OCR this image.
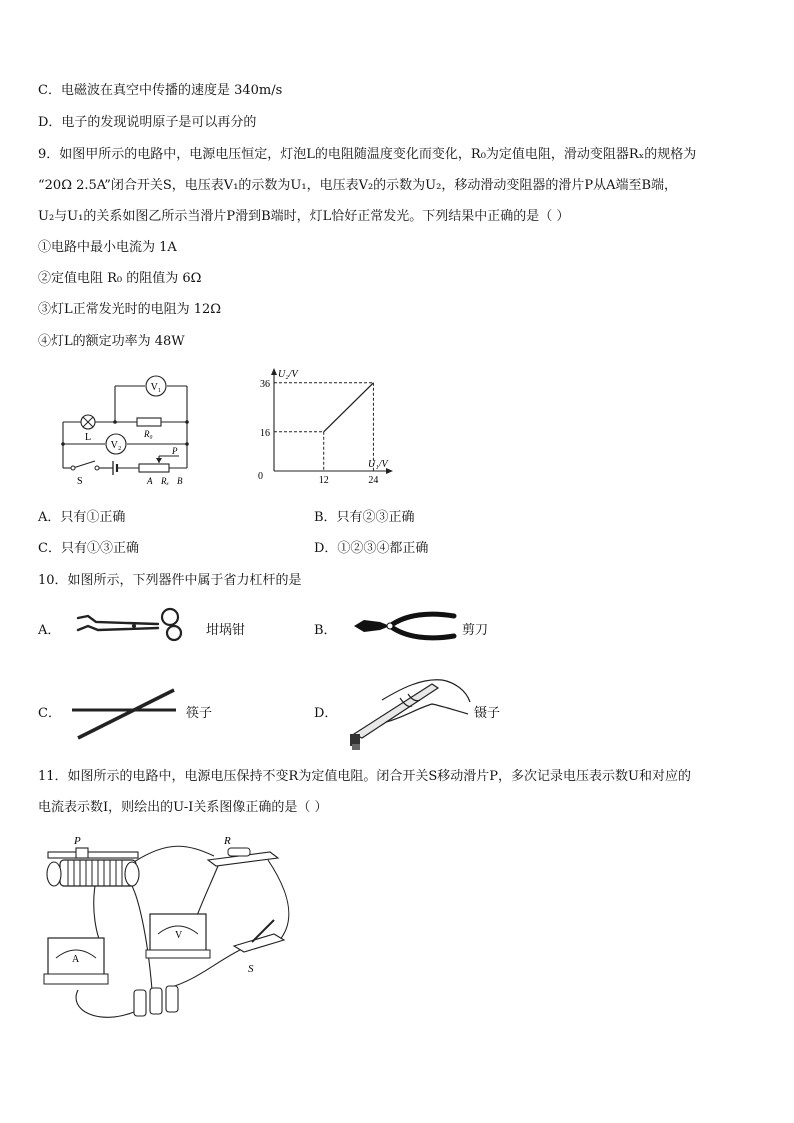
C．电磁波在真空中传播的速度是 340m/s
D．电子的发现说明原子是可以再分的
9．如图甲所示的电路中，电源电压恒定，灯泡L的电阻随温度变化而变化，R₀为定值电阻，滑动变阻器Rₓ的规格为
“20Ω 2.5A”闭合开关S，电压表V₁的示数为U₁，电压表V₂的示数为U₂，移动滑动变阻器的滑片P从A端至B端，
U₂与U₁的关系如图乙所示当滑片P滑到B端时，灯L恰好正常发光。下列结果中正确的是（ ）
①电路中最小电流为 1A
②定值电阻 R₀ 的阻值为 6Ω
③灯L正常发光时的电阻为 12Ω
④灯L的额定功率为 48W
V₁
V₂
L	R₀
S
P
A Rₓ B
16
36
12	24
U₂/V
U₁/V
0
A．只有①正确	B．只有②③正确
C．只有①③正确	D．①②③④都正确
10．如图所示，下列器件中属于省力杠杆的是
A．	坩埚钳	B．	剪刀
C．	筷子	D．	镊子
11．如图所示的电路中，电源电压保持不变R为定值电阻。闭合开关S移动滑片P，多次记录电压表示数U和对应的
电流表示数I，则绘出的U-I关系图像正确的是（ ）
P	R
V
A
S
